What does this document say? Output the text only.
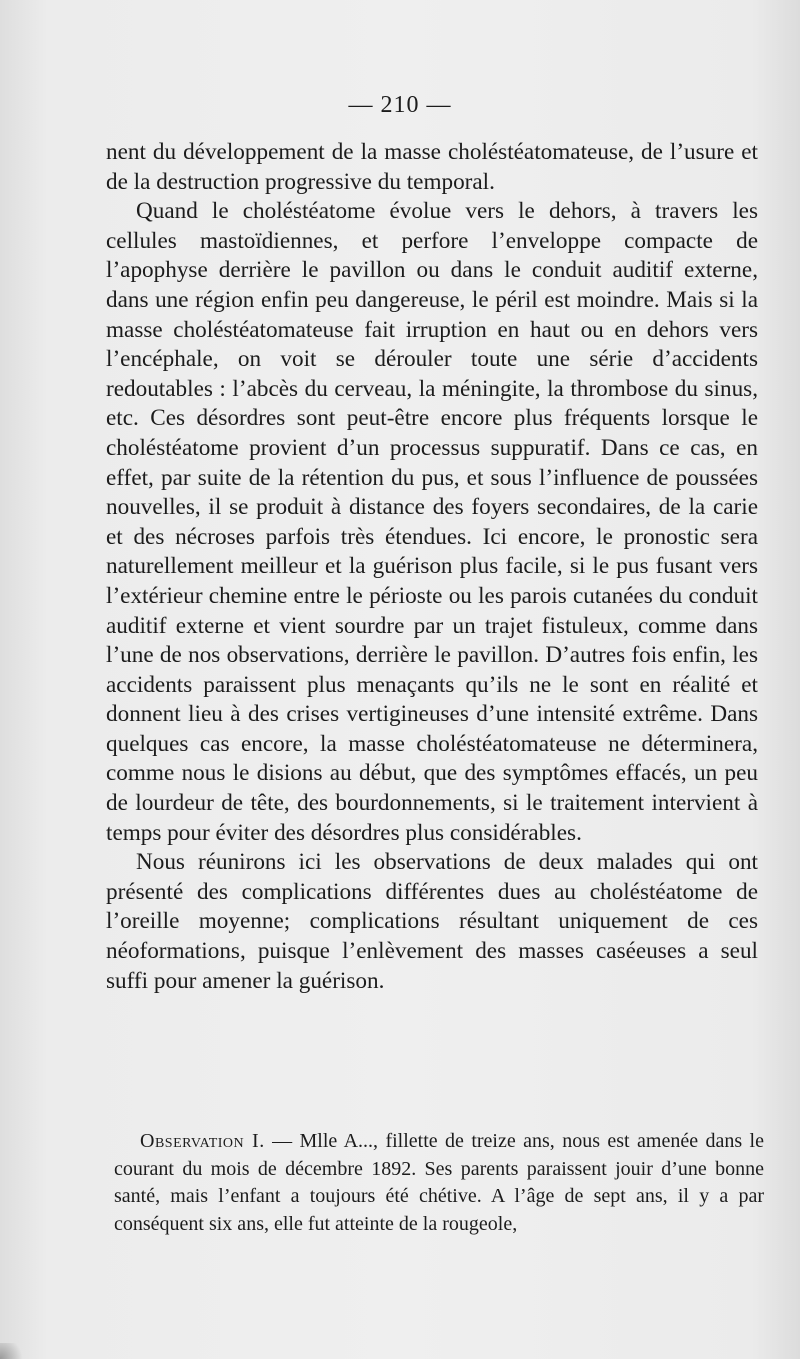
— 210 —

nent du développement de la masse choléstéatomateuse, de l’usure et de la destruction progressive du temporal.

Quand le choléstéatome évolue vers le dehors, à travers les cellules mastoïdiennes, et perfore l’enveloppe compacte de l’apophyse derrière le pavillon ou dans le conduit auditif externe, dans une région enfin peu dangereuse, le péril est moindre. Mais si la masse choléstéatomateuse fait irruption en haut ou en dehors vers l’encéphale, on voit se dérouler toute une série d’accidents redoutables : l’abcès du cerveau, la méningite, la thrombose du sinus, etc. Ces désordres sont peut-être encore plus fréquents lorsque le choléstéatome provient d’un processus suppuratif. Dans ce cas, en effet, par suite de la rétention du pus, et sous l’influence de poussées nouvelles, il se produit à distance des foyers secondaires, de la carie et des nécroses parfois très étendues. Ici encore, le pronostic sera naturellement meilleur et la guérison plus facile, si le pus fusant vers l’extérieur chemine entre le périoste ou les parois cutanées du conduit auditif externe et vient sourdre par un trajet fistuleux, comme dans l’une de nos observations, derrière le pavillon. D’autres fois enfin, les accidents paraissent plus menaçants qu’ils ne le sont en réalité et donnent lieu à des crises vertigineuses d’une intensité extrême. Dans quelques cas encore, la masse choléstéatomateuse ne déterminera, comme nous le disions au début, que des symptômes effacés, un peu de lourdeur de tête, des bourdonnements, si le traitement intervient à temps pour éviter des désordres plus considérables.

Nous réunirons ici les observations de deux malades qui ont présenté des complications différentes dues au choléstéatome de l’oreille moyenne; complications résultant uniquement de ces néoformations, puisque l’enlèvement des masses caséeuses a seul suffi pour amener la guérison.

Observation I. — Mlle A..., fillette de treize ans, nous est amenée dans le courant du mois de décembre 1892. Ses parents paraissent jouir d’une bonne santé, mais l’enfant a toujours été chétive. A l’âge de sept ans, il y a par conséquent six ans, elle fut atteinte de la rougeole,
